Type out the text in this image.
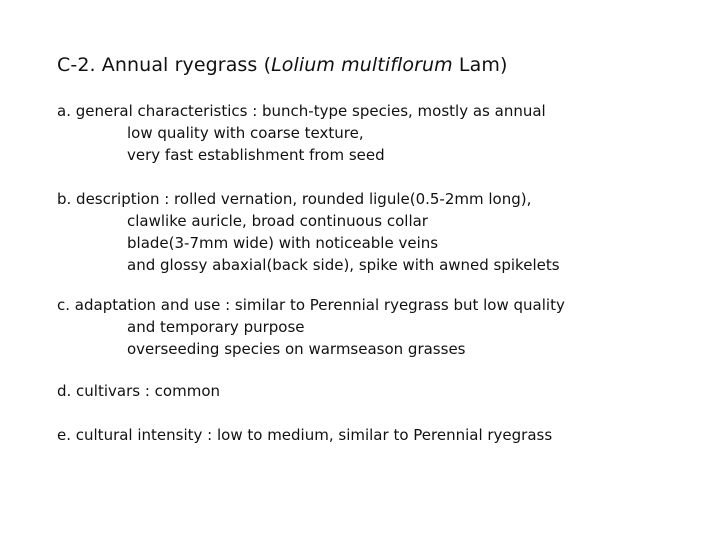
C-2. Annual ryegrass (Lolium multiflorum Lam)
a. general characteristics : bunch-type species, mostly as annual
low quality with coarse texture,
very fast establishment from seed
b. description : rolled vernation, rounded ligule(0.5-2mm long),
clawlike auricle, broad continuous collar
blade(3-7mm wide) with noticeable veins
and glossy abaxial(back side), spike with awned spikelets
c. adaptation and use : similar to Perennial ryegrass but low quality
and temporary purpose
overseeding species on warmseason grasses
d. cultivars : common
e. cultural intensity : low to medium, similar to Perennial ryegrass
